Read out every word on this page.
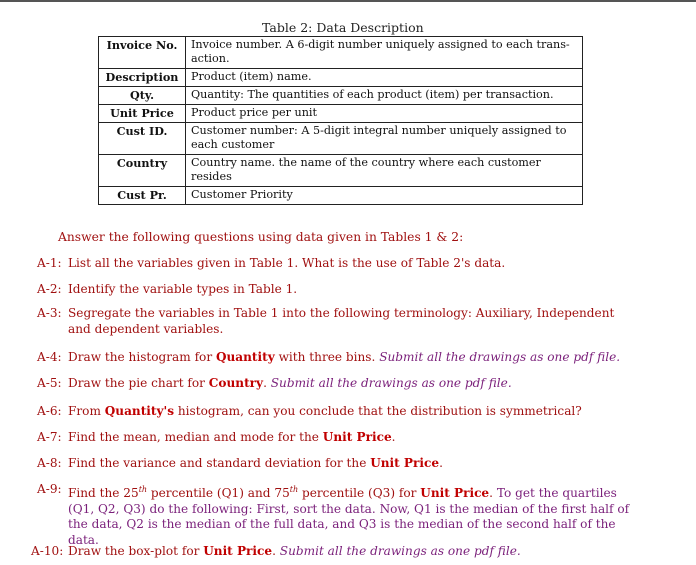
Table 2: Data Description
Invoice No.	Invoice number. A 6-digit number uniquely assigned to each trans-action.
Description	Product (item) name.
Qty.	Quantity: The quantities of each product (item) per transaction.
Unit Price	Product price per unit
Cust ID.	Customer number: A 5-digit integral number uniquely assigned to each customer
Country	Country name. the name of the country where each customer resides
Cust Pr.	Customer Priority
Answer the following questions using data given in Tables 1 & 2:
A-1: List all the variables given in Table 1. What is the use of Table 2's data.
A-2: Identify the variable types in Table 1.
A-3: Segregate the variables in Table 1 into the following terminology: Auxiliary, Independent and dependent variables.
A-4: Draw the histogram for Quantity with three bins. Submit all the drawings as one pdf file.
A-5: Draw the pie chart for Country. Submit all the drawings as one pdf file.
A-6: From Quantity's histogram, can you conclude that the distribution is symmetrical?
A-7: Find the mean, median and mode for the Unit Price.
A-8: Find the variance and standard deviation for the Unit Price.
A-9: Find the 25th percentile (Q1) and 75th percentile (Q3) for Unit Price. To get the quartiles (Q1, Q2, Q3) do the following: First, sort the data. Now, Q1 is the median of the first half of the data, Q2 is the median of the full data, and Q3 is the median of the second half of the data.
A-10: Draw the box-plot for Unit Price. Submit all the drawings as one pdf file.
